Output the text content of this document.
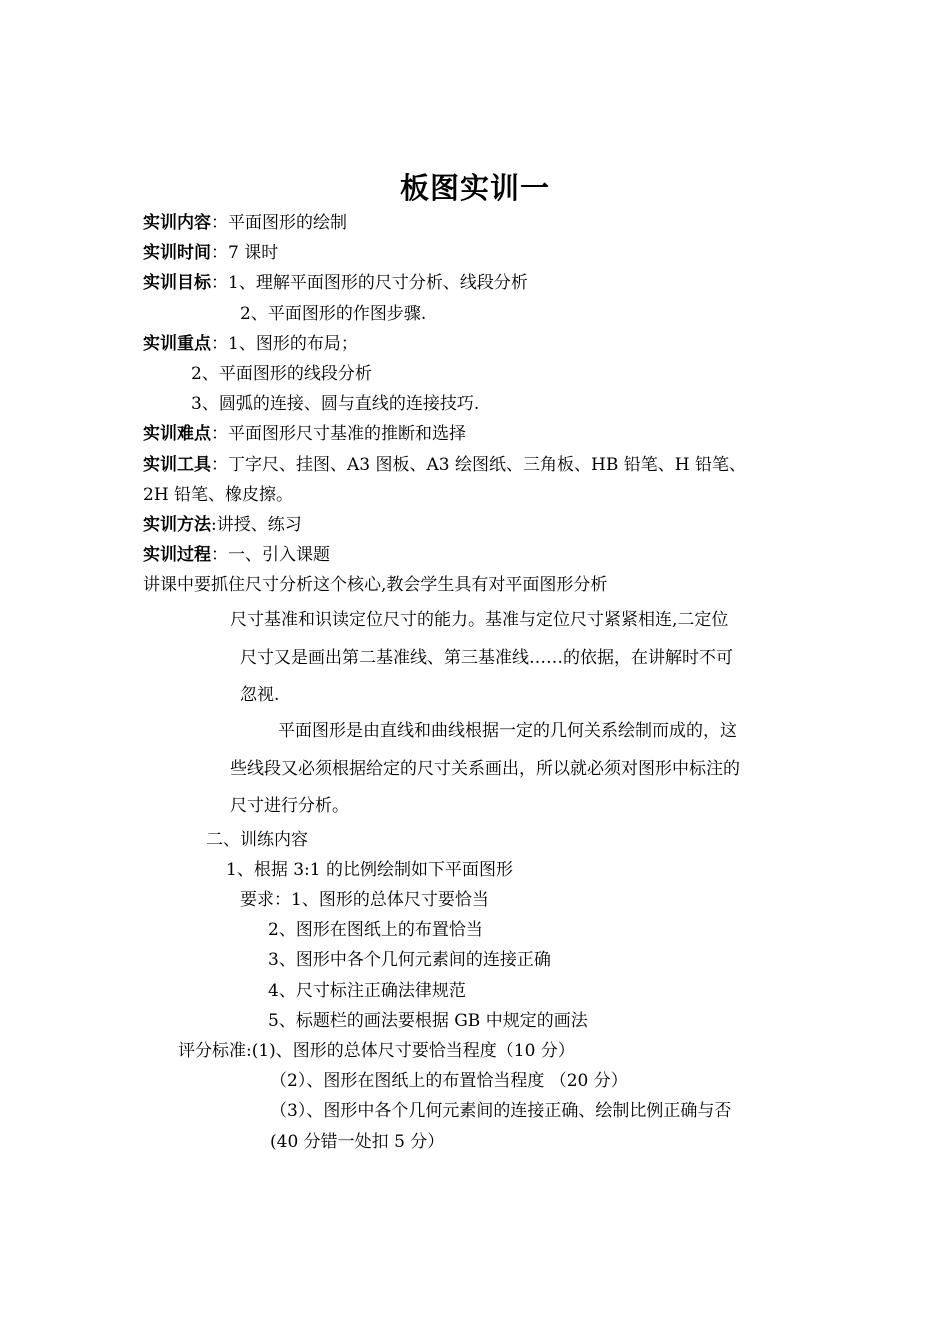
板图实训一
实训内容：平面图形的绘制
实训时间：7 课时
实训目标：1、理解平面图形的尺寸分析、线段分析
2、平面图形的作图步骤.
实训重点：1、图形的布局；
2、平面图形的线段分析
3、圆弧的连接、圆与直线的连接技巧.
实训难点：平面图形尺寸基准的推断和选择
实训工具：丁字尺、挂图、A3 图板、A3 绘图纸、三角板、HB 铅笔、H 铅笔、
2H 铅笔、橡皮擦。
实训方法:讲授、练习
实训过程：一、引入课题
讲课中要抓住尺寸分析这个核心,教会学生具有对平面图形分析
尺寸基准和识读定位尺寸的能力。基准与定位尺寸紧紧相连,二定位
尺寸又是画出第二基准线、第三基准线……的依据，在讲解时不可
忽视.
平面图形是由直线和曲线根据一定的几何关系绘制而成的，这
些线段又必须根据给定的尺寸关系画出，所以就必须对图形中标注的
尺寸进行分析。
二、训练内容
1、根据 3:1 的比例绘制如下平面图形
要求：1、图形的总体尺寸要恰当
2、图形在图纸上的布置恰当
3、图形中各个几何元素间的连接正确
4、尺寸标注正确法律规范
5、标题栏的画法要根据 GB 中规定的画法
评分标准:(1)、图形的总体尺寸要恰当程度（10 分）
（2）、图形在图纸上的布置恰当程度 （20 分）
（3）、图形中各个几何元素间的连接正确、绘制比例正确与否
(40 分错一处扣 5 分）
